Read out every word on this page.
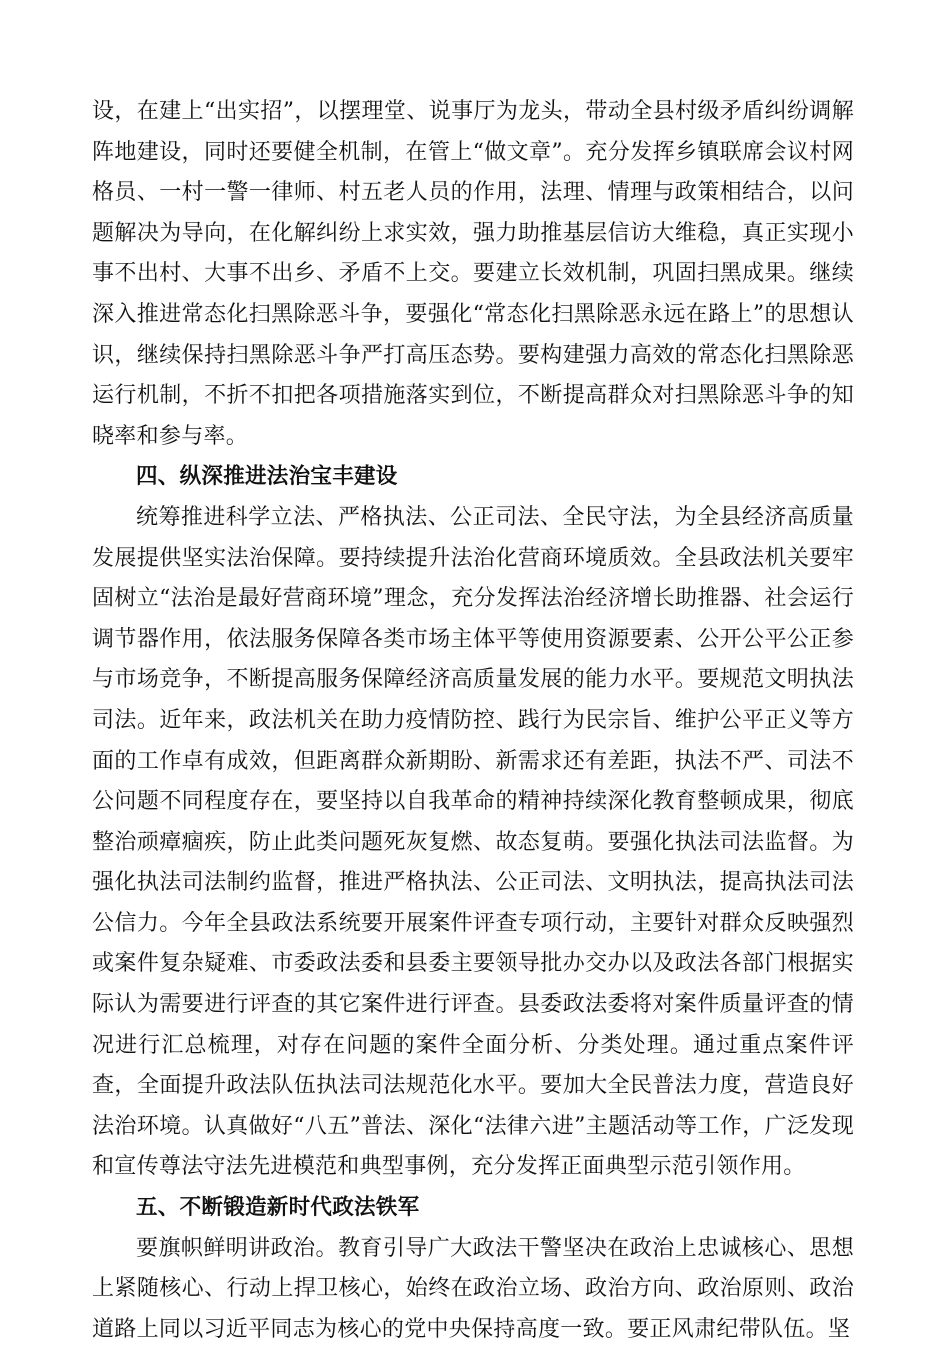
设，在建上“出实招”，以摆理堂、说事厅为龙头，带动全县村级矛盾纠纷调解阵地建设，同时还要健全机制，在管上“做文章”。充分发挥乡镇联席会议村网格员、一村一警一律师、村五老人员的作用，法理、情理与政策相结合，以问题解决为导向，在化解纠纷上求实效，强力助推基层信访大维稳，真正实现小事不出村、大事不出乡、矛盾不上交。要建立长效机制，巩固扫黑成果。继续深入推进常态化扫黑除恶斗争，要强化“常态化扫黑除恶永远在路上”的思想认识，继续保持扫黑除恶斗争严打高压态势。要构建强力高效的常态化扫黑除恶运行机制，不折不扣把各项措施落实到位，不断提高群众对扫黑除恶斗争的知晓率和参与率。

四、纵深推进法治宝丰建设

统筹推进科学立法、严格执法、公正司法、全民守法，为全县经济高质量发展提供坚实法治保障。要持续提升法治化营商环境质效。全县政法机关要牢固树立“法治是最好营商环境”理念，充分发挥法治经济增长助推器、社会运行调节器作用，依法服务保障各类市场主体平等使用资源要素、公开公平公正参与市场竞争，不断提高服务保障经济高质量发展的能力水平。要规范文明执法司法。近年来，政法机关在助力疫情防控、践行为民宗旨、维护公平正义等方面的工作卓有成效，但距离群众新期盼、新需求还有差距，执法不严、司法不公问题不同程度存在，要坚持以自我革命的精神持续深化教育整顿成果，彻底整治顽瘴痼疾，防止此类问题死灰复燃、故态复萌。要强化执法司法监督。为强化执法司法制约监督，推进严格执法、公正司法、文明执法，提高执法司法公信力。今年全县政法系统要开展案件评查专项行动，主要针对群众反映强烈或案件复杂疑难、市委政法委和县委主要领导批办交办以及政法各部门根据实际认为需要进行评查的其它案件进行评查。县委政法委将对案件质量评查的情况进行汇总梳理，对存在问题的案件全面分析、分类处理。通过重点案件评查，全面提升政法队伍执法司法规范化水平。要加大全民普法力度，营造良好法治环境。认真做好“八五”普法、深化“法律六进”主题活动等工作，广泛发现和宣传尊法守法先进模范和典型事例，充分发挥正面典型示范引领作用。

五、不断锻造新时代政法铁军

要旗帜鲜明讲政治。教育引导广大政法干警坚决在政治上忠诚核心、思想上紧随核心、行动上捍卫核心，始终在政治立场、政治方向、政治原则、政治道路上同以习近平同志为核心的党中央保持高度一致。要正风肃纪带队伍。坚
